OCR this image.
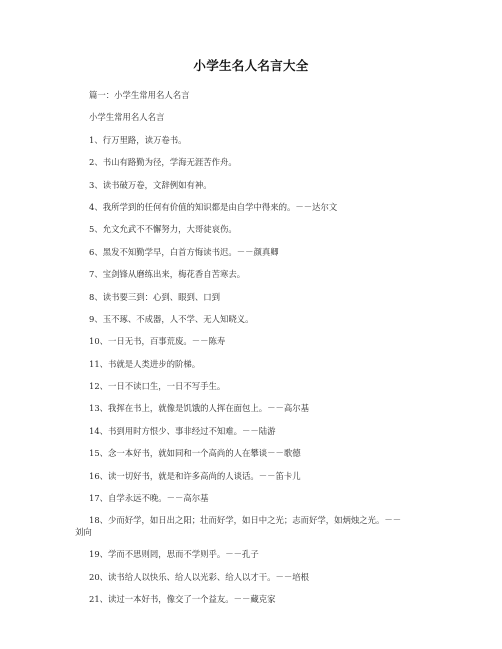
小学生名人名言大全
篇一：小学生常用名人名言
小学生常用名人名言
1、行万里路，读万卷书。
2、书山有路勤为径，学海无涯苦作舟。
3、读书破万卷，文辞例如有神。
4、我所学到的任何有价值的知识都是由自学中得来的。－－达尔文
5、允文允武不不懈努力，大哥徒哀伤。
6、黑发不知勤学早，白首方悔读书迟。－－颜真卿
7、宝剑锋从磨练出来，梅花香自苦寒去。
8、读书要三到：心到、眼到、口到
9、玉不琢、不成器，人不学、无人知晓义。
10、一日无书，百事荒废。－－陈寿
11、书就是人类进步的阶梯。
12、一日不读口生，一日不写手生。
13、我挥在书上，就像是饥饿的人挥在面包上。－－高尔基
14、书到用时方恨少、事非经过不知难。－－陆游
15、念一本好书，就如同和一个高尚的人在攀谈－－歌德
16、读一切好书，就是和许多高尚的人谈话。－－笛卡儿
17、自学永远不晚。－－高尔基
18、少而好学，如日出之阳；壮而好学，如日中之光；志而好学，如炳烛之光。－－
刘向
19、学而不思则罔，思而不学则乎。－－孔子
20、读书给人以快乐、给人以光彩、给人以才干。－－培根
21、读过一本好书，像交了一个益友。－－藏克家
